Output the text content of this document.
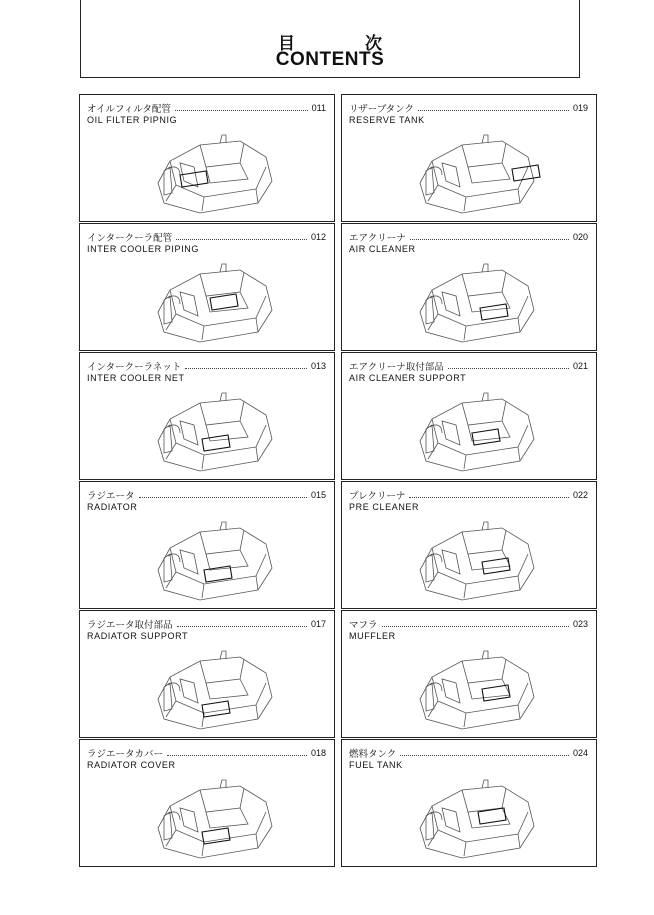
目	次
CONTENTS
オイルフィルタ配管	011
OIL FILTER PIPNIG
リザーブタンク	019
RESERVE TANK
インタークーラ配管	012
INTER COOLER PIPING
エアクリーナ	020
AIR CLEANER
インタークーラネット	013
INTER COOLER NET
エアクリーナ取付部品	021
AIR CLEANER SUPPORT
ラジエータ	015
RADIATOR
プレクリーナ	022
PRE CLEANER
ラジエータ取付部品	017
RADIATOR SUPPORT
マフラ	023
MUFFLER
ラジエータカバー	018
RADIATOR COVER
燃料タンク	024
FUEL TANK
